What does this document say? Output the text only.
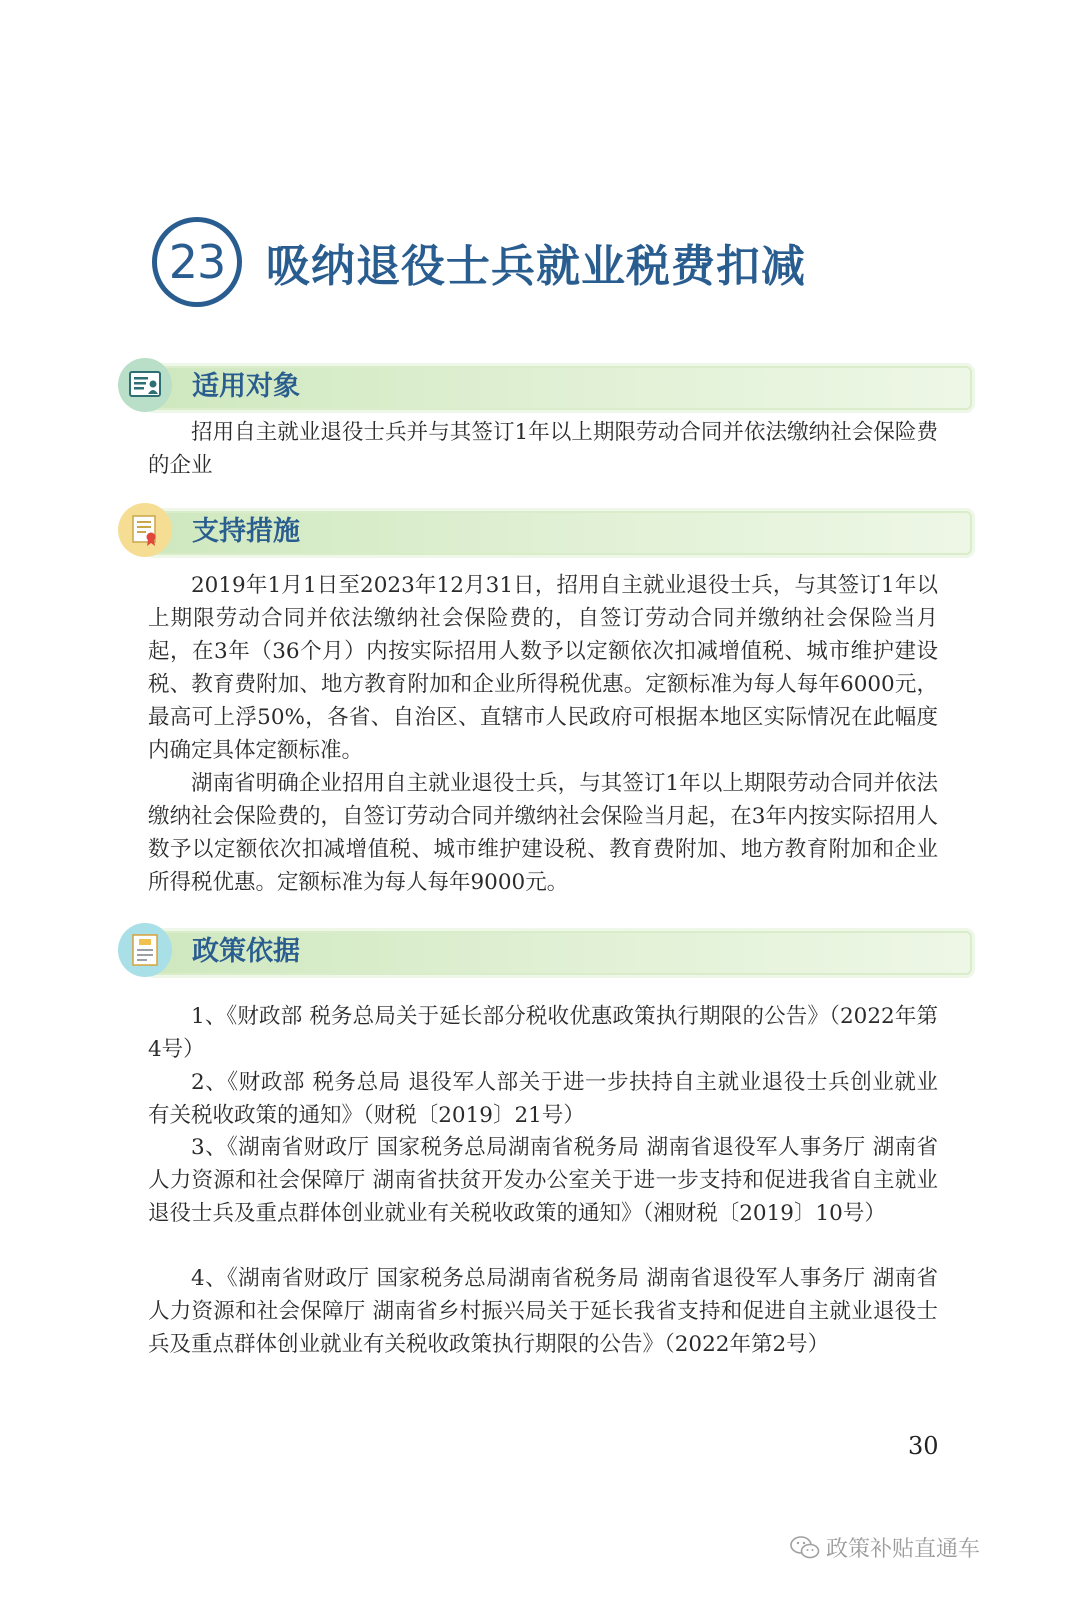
23 吸纳退役士兵就业税费扣减
适用对象

招用自主就业退役士兵并与其签订1年以上期限劳动合同并依法缴纳社会保险费的企业

支持措施

2019年1月1日至2023年12月31日，招用自主就业退役士兵，与其签订1年以上期限劳动合同并依法缴纳社会保险费的，自签订劳动合同并缴纳社会保险当月起，在3年（36个月）内按实际招用人数予以定额依次扣减增值税、城市维护建设税、教育费附加、地方教育附加和企业所得税优惠。定额标准为每人每年6000元，最高可上浮50%，各省、自治区、直辖市人民政府可根据本地区实际情况在此幅度内确定具体定额标准。

湖南省明确企业招用自主就业退役士兵，与其签订1年以上期限劳动合同并依法缴纳社会保险费的，自签订劳动合同并缴纳社会保险当月起，在3年内按实际招用人数予以定额依次扣减增值税、城市维护建设税、教育费附加、地方教育附加和企业所得税优惠。定额标准为每人每年9000元。

政策依据

1、《财政部 税务总局关于延长部分税收优惠政策执行期限的公告》（2022年第4号）

2、《财政部 税务总局 退役军人部关于进一步扶持自主就业退役士兵创业就业有关税收政策的通知》（财税〔2019〕21号）

3、《湖南省财政厅 国家税务总局湖南省税务局 湖南省退役军人事务厅 湖南省人力资源和社会保障厅 湖南省扶贫开发办公室关于进一步支持和促进我省自主就业退役士兵及重点群体创业就业有关税收政策的通知》（湘财税〔2019〕10号）

4、《湖南省财政厅 国家税务总局湖南省税务局 湖南省退役军人事务厅 湖南省人力资源和社会保障厅 湖南省乡村振兴局关于延长我省支持和促进自主就业退役士兵及重点群体创业就业有关税收政策执行期限的公告》（2022年第2号）

30
政策补贴直通车
